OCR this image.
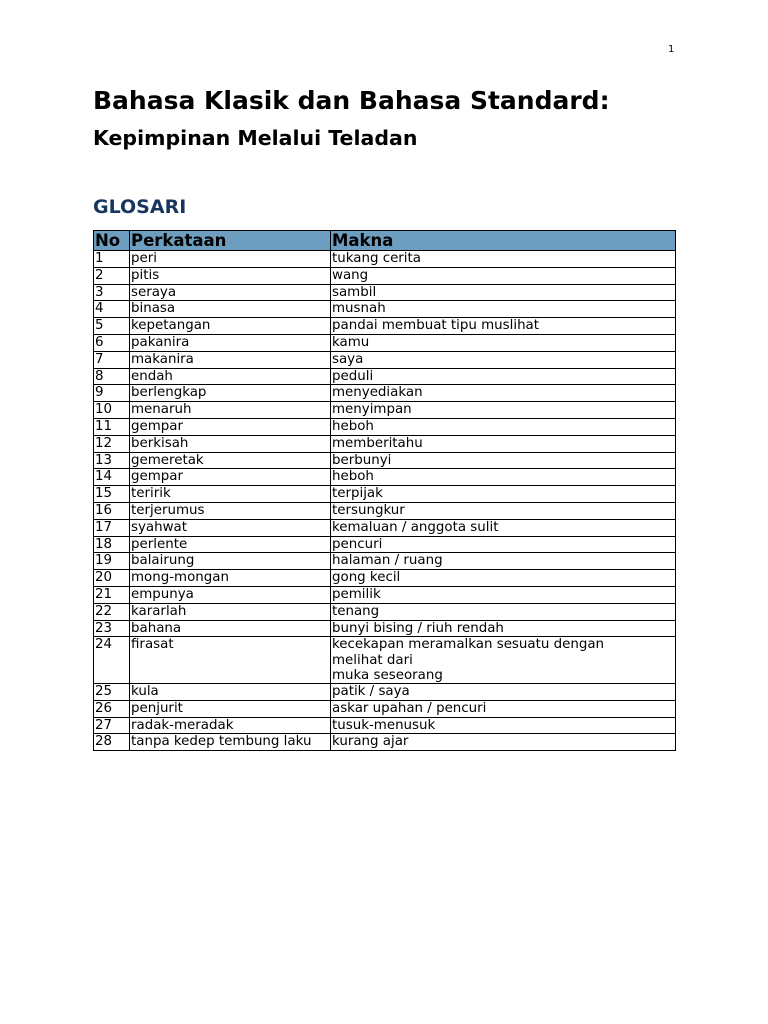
1
Bahasa Klasik dan Bahasa Standard:
Kepimpinan Melalui Teladan
GLOSARI
No	Perkataan	Makna
1	peri	tukang cerita
2	pitis	wang
3	seraya	sambil
4	binasa	musnah
5	kepetangan	pandai membuat tipu muslihat
6	pakanira	kamu
7	makanira	saya
8	endah	peduli
9	berlengkap	menyediakan
10	menaruh	menyimpan
11	gempar	heboh
12	berkisah	memberitahu
13	gemeretak	berbunyi
14	gempar	heboh
15	teririk	terpijak
16	terjerumus	tersungkur
17	syahwat	kemaluan / anggota sulit
18	perlente	pencuri
19	balairung	halaman / ruang
20	mong-mongan	gong kecil
21	empunya	pemilik
22	kararlah	tenang
23	bahana	bunyi bising / riuh rendah
24	firasat	kecekapan meramalkan sesuatu dengan
melihat dari
muka seseorang
25	kula	patik / saya
26	penjurit	askar upahan / pencuri
27	radak-meradak	tusuk-menusuk
28	tanpa kedep tembung laku	kurang ajar
